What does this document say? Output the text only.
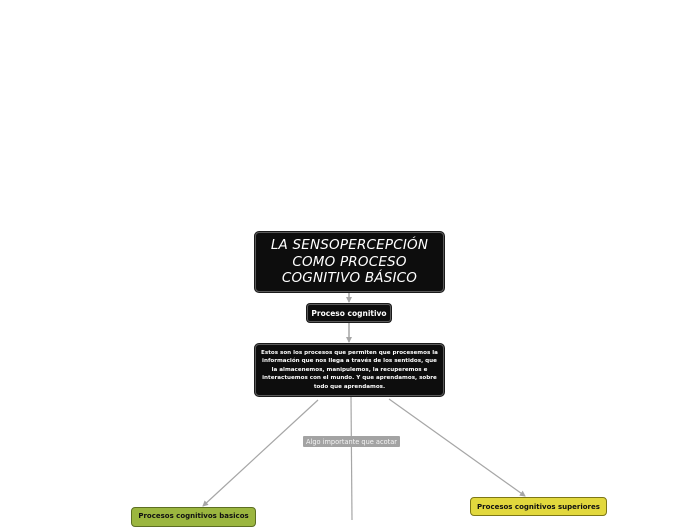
LA SENSOPERCEPCIÓN COMO PROCESO COGNITIVO BÁSICO
Proceso cognitivo
Estos son los procesos que permiten que procesemos la información que nos llega a través de los sentidos, que la almacenemos, manipulemos, la recuperemos e interactuemos con el mundo. Y que aprendamos, sobre todo que aprendamos.
Algo importante que acotar
Procesos cognitivos basicos
Procesos cognitivos superiores
